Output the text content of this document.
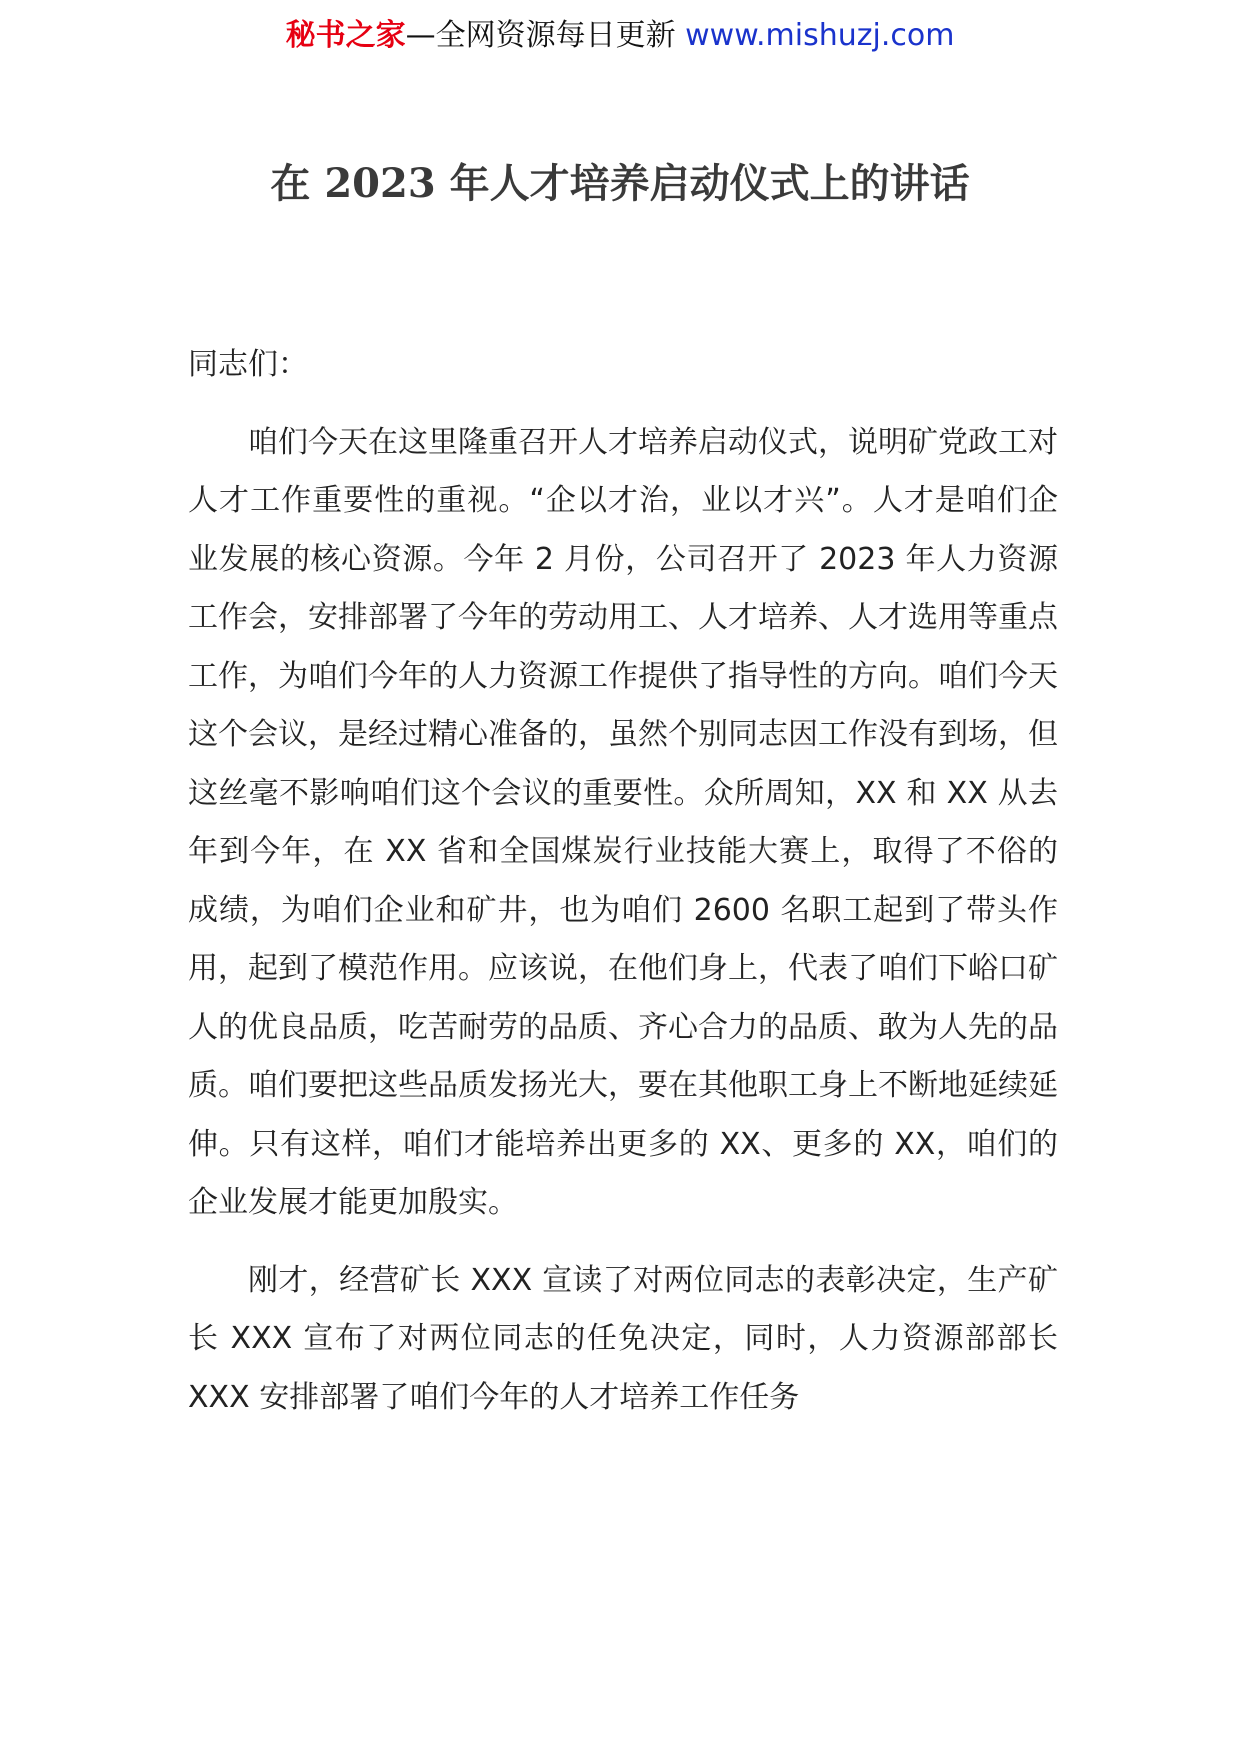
秘书之家—全网资源每日更新 www.mishuzj.com
在 2023 年人才培养启动仪式上的讲话

同志们：

咱们今天在这里隆重召开人才培养启动仪式，说明矿党政工对人才工作重要性的重视。“企以才治，业以才兴”。人才是咱们企业发展的核心资源。今年 2 月份，公司召开了 2023 年人力资源工作会，安排部署了今年的劳动用工、人才培养、人才选用等重点工作，为咱们今年的人力资源工作提供了指导性的方向。咱们今天这个会议，是经过精心准备的，虽然个别同志因工作没有到场，但这丝毫不影响咱们这个会议的重要性。众所周知，XX 和 XX 从去年到今年，在 XX 省和全国煤炭行业技能大赛上，取得了不俗的成绩，为咱们企业和矿井，也为咱们 2600 名职工起到了带头作用，起到了模范作用。应该说，在他们身上，代表了咱们下峪口矿人的优良品质，吃苦耐劳的品质、齐心合力的品质、敢为人先的品质。咱们要把这些品质发扬光大，要在其他职工身上不断地延续延伸。只有这样，咱们才能培养出更多的 XX、更多的 XX，咱们的企业发展才能更加殷实。

刚才，经营矿长 XXX 宣读了对两位同志的表彰决定，生产矿长 XXX 宣布了对两位同志的任免决定，同时，人力资源部部长 XXX 安排部署了咱们今年的人才培养工作任务
